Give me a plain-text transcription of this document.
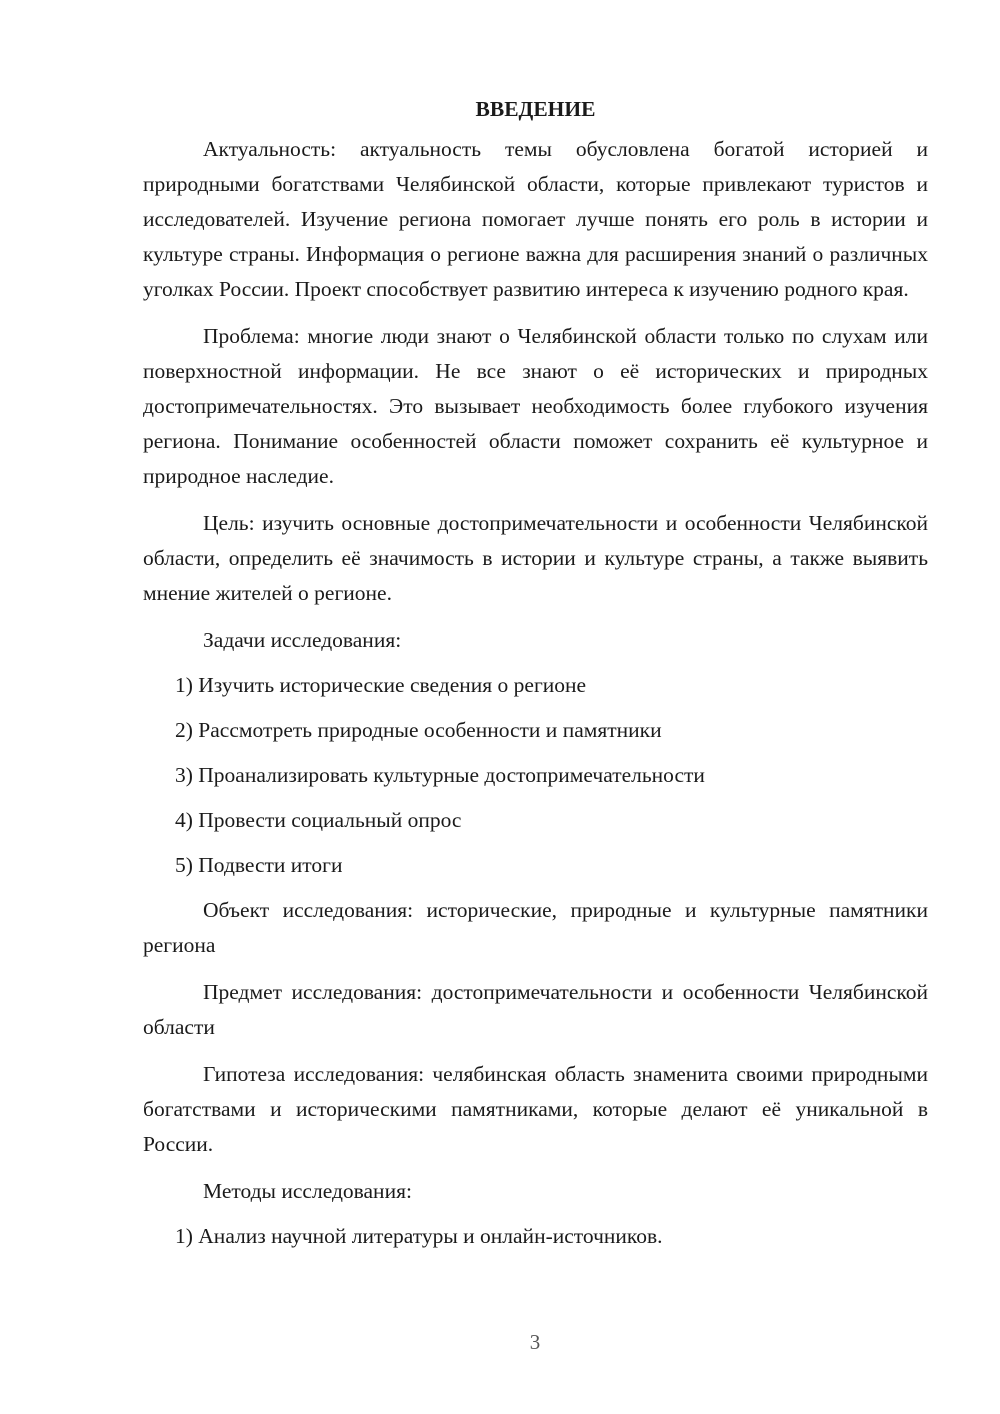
ВВЕДЕНИЕ

Актуальность: актуальность темы обусловлена богатой историей и природными богатствами Челябинской области, которые привлекают туристов и исследователей. Изучение региона помогает лучше понять его роль в истории и культуре страны. Информация о регионе важна для расширения знаний о различных уголках России. Проект способствует развитию интереса к изучению родного края.

Проблема: многие люди знают о Челябинской области только по слухам или поверхностной информации. Не все знают о её исторических и природных достопримечательностях. Это вызывает необходимость более глубокого изучения региона. Понимание особенностей области поможет сохранить её культурное и природное наследие.

Цель: изучить основные достопримечательности и особенности Челябинской области, определить её значимость в истории и культуре страны, а также выявить мнение жителей о регионе.

Задачи исследования:
1) Изучить исторические сведения о регионе
2) Рассмотреть природные особенности и памятники
3) Проанализировать культурные достопримечательности
4) Провести социальный опрос
5) Подвести итоги

Объект исследования: исторические, природные и культурные памятники региона

Предмет исследования: достопримечательности и особенности Челябинской области

Гипотеза исследования: челябинская область знаменита своими природными богатствами и историческими памятниками, которые делают её уникальной в России.

Методы исследования:
1) Анализ научной литературы и онлайн-источников.
3
